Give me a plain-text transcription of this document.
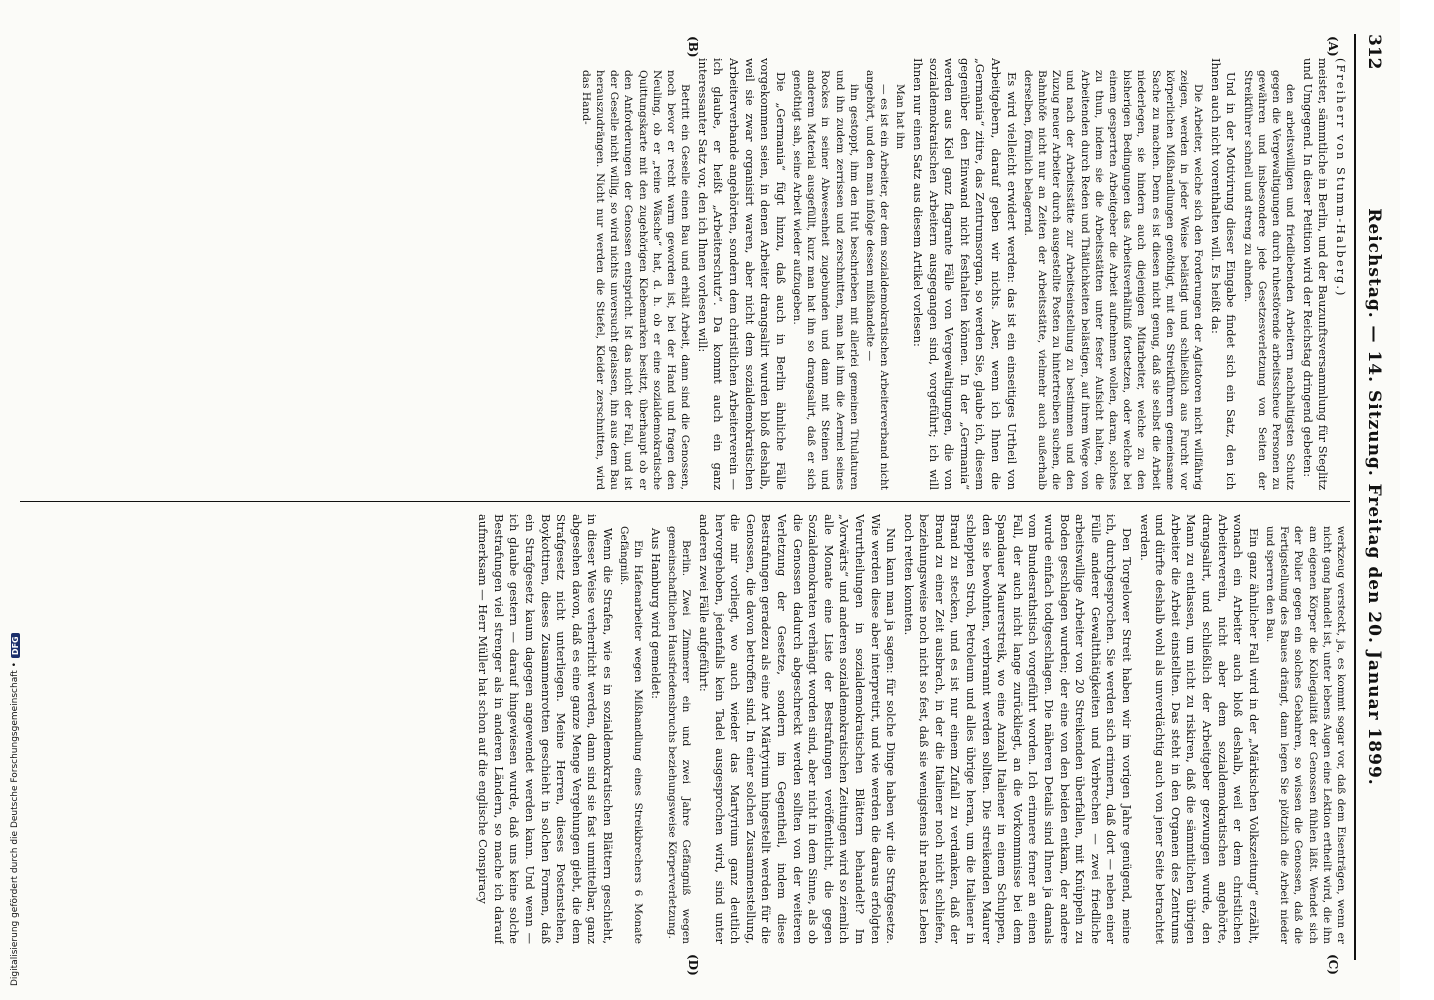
312
Reichstag. — 14. Sitzung. Freitag den 20. Januar 1899.
(A)
(B)
(C)
(D)
(Freiherr von Stumm-Halberg.)

meister, sämmtliche in Berlin, und der Bauzunftsversammlung für Steglitz und Umgegend. In dieser Petition wird der Reichstag dringend gebeten:

den arbeitswilligen und friedliebenden Arbeitern nachhaltigsten Schutz gegen die Vergewaltigungen durch ruhestörende arbeitsscheue Personen zu gewähren und insbesondere jede Gesetzesverletzung von Seiten der Streikführer schnell und streng zu ahnden.

Und in der Motivirung dieser Eingabe findet sich ein Satz, den ich Ihnen auch nicht vorenthalten will. Es heißt da:

Die Arbeiter, welche sich den Forderungen der Agitatoren nicht willfährig zeigen, werden in jeder Weise belästigt und schließlich aus Furcht vor körperlichen Mißhandlungen genöthigt, mit den Streikführern gemeinsame Sache zu machen. Denn es ist diesen nicht genug, daß sie selbst die Arbeit niederlegen, sie hindern auch diejenigen Mitarbeiter, welche zu den bisherigen Bedingungen das Arbeitsverhältniß fortsetzen, oder welche bei einem gesperrten Arbeitgeber die Arbeit aufnehmen wollen, daran, solches zu thun, indem sie die Arbeitsstätten unter fester Aufsicht halten, die Arbeitenden durch Reden und Thätlichkeiten belästigen, auf ihrem Wege von und nach der Arbeitsstätte zur Arbeitseinstellung zu bestimmen und den Zuzug neuer Arbeiter durch ausgestellte Posten zu hintertreiben suchen, die Bahnhöfe nicht nur an Zeiten der Arbeitsstätte, vielmehr auch außerhalb derselben, förmlich belagernd.

Es wird vielleicht erwidert werden: das ist ein einseitiges Urtheil von Arbeitgebern, darauf geben wir nichts. Aber, wenn ich Ihnen die „Germania“ zitire, das Zentrumsorgan, so werden Sie, glaube ich, diesem gegenüber den Einwand nicht festhalten können. In der „Germania“ werden aus Kiel ganz flagrante Fälle von Vergewaltigungen, die von sozialdemokratischen Arbeitern ausgegangen sind, vorgeführt; ich will Ihnen nur einen Satz aus diesem Artikel vorlesen:

Man hat ihn

— es ist ein Arbeiter, der dem sozialdemokratischen Arbeiterverband nicht angehört, und den man infolge dessen mißhandelte —

ihn gestoppt, ihm den Hut beschrieben mit allerlei gemeinen Titulaturen und ihn zudem zerrissen und zerschnitten, man hat ihm die Aermel seines Rockes in seiner Abwesenheit zugebunden und dann mit Steinen und anderem Material ausgefüllt, kurz man hat ihn so drangsalirt, daß er sich genöthigt sah, seine Arbeit wieder aufzugeben.

Die „Germania“ fügt hinzu, daß auch in Berlin ähnliche Fälle vorgekommen seien, in denen Arbeiter drangsalirt wurden bloß deshalb, weil sie zwar organisirt waren, aber nicht dem sozialdemokratischen Arbeiterverbande angehörten, sondern dem christlichen Arbeiterverein — ich glaube, er heißt „Arbeiterschutz“. Da kommt auch ein ganz interessanter Satz vor, den ich Ihnen vorlesen will:

Betritt ein Geselle einen Bau und erhält Arbeit, dann sind die Genossen, noch bevor er recht warm geworden ist, bei der Hand und fragen den Neuling, ob er „reine Wäsche“ hat, d. h. ob er eine sozialdemokratische Quittungskarte mit den zugehörigen Klebemarken besitzt, überhaupt ob er den Anforderungen der Genossen entspricht. Ist das nicht der Fall, und ist der Geselle nicht willig, so wird nichts unversucht gelassen, ihn aus dem Bau herauszudrängen. Nicht nur werden die Stiefel, Kleider zerschnitten, wird das Hand-

werkzeug versteckt, ja, es kommt sogar vor, daß dem Eisenträgen, wenn er nicht gang handelt ist, unter lebens Augen eine Lektion ertheilt wird, die ihn am eigenen Körper die Kollegialität der Genossen fühlen läßt. Wendet sich der Polier gegen ein solches Gebahren, so wissen die Genossen, daß die Fertigstellung des Baues drängt, dann legen Sie plötzlich die Arbeit nieder und sperren den Bau.

Ein ganz ähnlicher Fall wird in der „Märkischen Volkszeitung“ erzählt, wonach ein Arbeiter auch bloß deshalb, weil er dem christlichen Arbeiterverein, nicht aber dem sozialdemokratischen angehörte, drangsalirt, und schließlich der Arbeitgeber gezwungen wurde, den Mann zu entlassen, um nicht zu riskiren, daß die sämmtlichen übrigen Arbeiter die Arbeit einstellten. Das steht in den Organen des Zentrums und dürfte deshalb wohl als unverdächtig auch von jener Seite betrachtet werden.

Den Torgelower Streit haben wir im vorigen Jahre genügend, meine ich, durchgesprochen. Sie werden sich erinnern, daß dort — neben einer Fülle anderer Gewaltthätigkeiten und Verbrechen — zwei friedliche arbeitswillige Arbeiter von 20 Streikenden überfallen, mit Knüppeln zu Boden geschlagen wurden; der eine von den beiden entkam, der andere wurde einfach todtgeschlagen. Die näheren Details sind Ihnen ja damals vom Bundesrathstisch vorgeführt worden. Ich erinnere ferner an einen Fall, der auch nicht lange zurückliegt, an die Vorkommnisse bei dem Spandauer Maurerstreik, wo eine Anzahl Italiener in einem Schuppen, den sie bewohnten, verbrannt werden sollten. Die streikenden Maurer schleppten Stroh, Petroleum und alles übrige heran, um die Italiener in Brand zu stecken, und es ist nur einem Zufall zu verdanken, daß der Brand zu einer Zeit ausbrach, in der die Italiener noch nicht schliefen, beziehungsweise noch nicht so fest, daß sie wenigstens ihr nacktes Leben noch retten konnten.

Nun kann man ja sagen: für solche Dinge haben wir die Strafgesetze. Wie werden diese aber interpretirt, und wie werden die daraus erfolgten Verurtheilungen in sozialdemokratischen Blättern behandelt? Im „Vorwärts“ und anderen sozialdemokratischen Zeitungen wird so ziemlich alle Monate eine Liste der Bestrafungen veröffentlicht, die gegen Sozialdemokraten verhängt worden sind, aber nicht in dem Sinne, als ob die Genossen dadurch abgeschreckt werden sollten von der weiteren Verletzung der Gesetze, sondern im Gegentheil, indem diese Bestrafungen geradezu als eine Art Märtyrium hingestellt werden für die Genossen, die davon betroffen sind. In einer solchen Zusammenstellung, die mir vorliegt, wo auch wieder das Martyrium ganz deutlich hervorgehoben, jedenfalls kein Tadel ausgesprochen wird, sind unter anderen zwei Fälle aufgeführt:

Berlin. Zwei Zimmerer ein und zwei Jahre Gefängniß wegen gemeinschaftlichen Hausfriedensbruchs beziehungsweise Körperverletzung.

Aus Hamburg wird gemeldet:

Ein Hafenarbeiter wegen Mißhandlung eines Streikbrechers 6 Monate Gefängniß.

Wenn die Strafen, wie es in sozialdemokratischen Blättern geschieht, in dieser Weise verherrlicht werden, dann sind sie fast unmittelbar, ganz abgesehen davon, daß es eine ganze Menge Vergehungen giebt, die dem Strafgesetz nicht unterliegen. Meine Herren, dieses Postenstehen, Boykottiren, dieses Zusammenrotten geschieht in solchen Formen, daß ein Strafgesetz kaum dagegen angewendet werden kann. Und wenn — ich glaube gestern — darauf hingewiesen wurde, daß uns keine solche Bestrafungen viel strenger als in anderen Ländern, so mache ich darauf aufmerksam — Herr Müller hat schon auf die englische Conspiracy

Digitalisierung gefördert durch die Deutsche Forschungsgemeinschaft •
DFG
